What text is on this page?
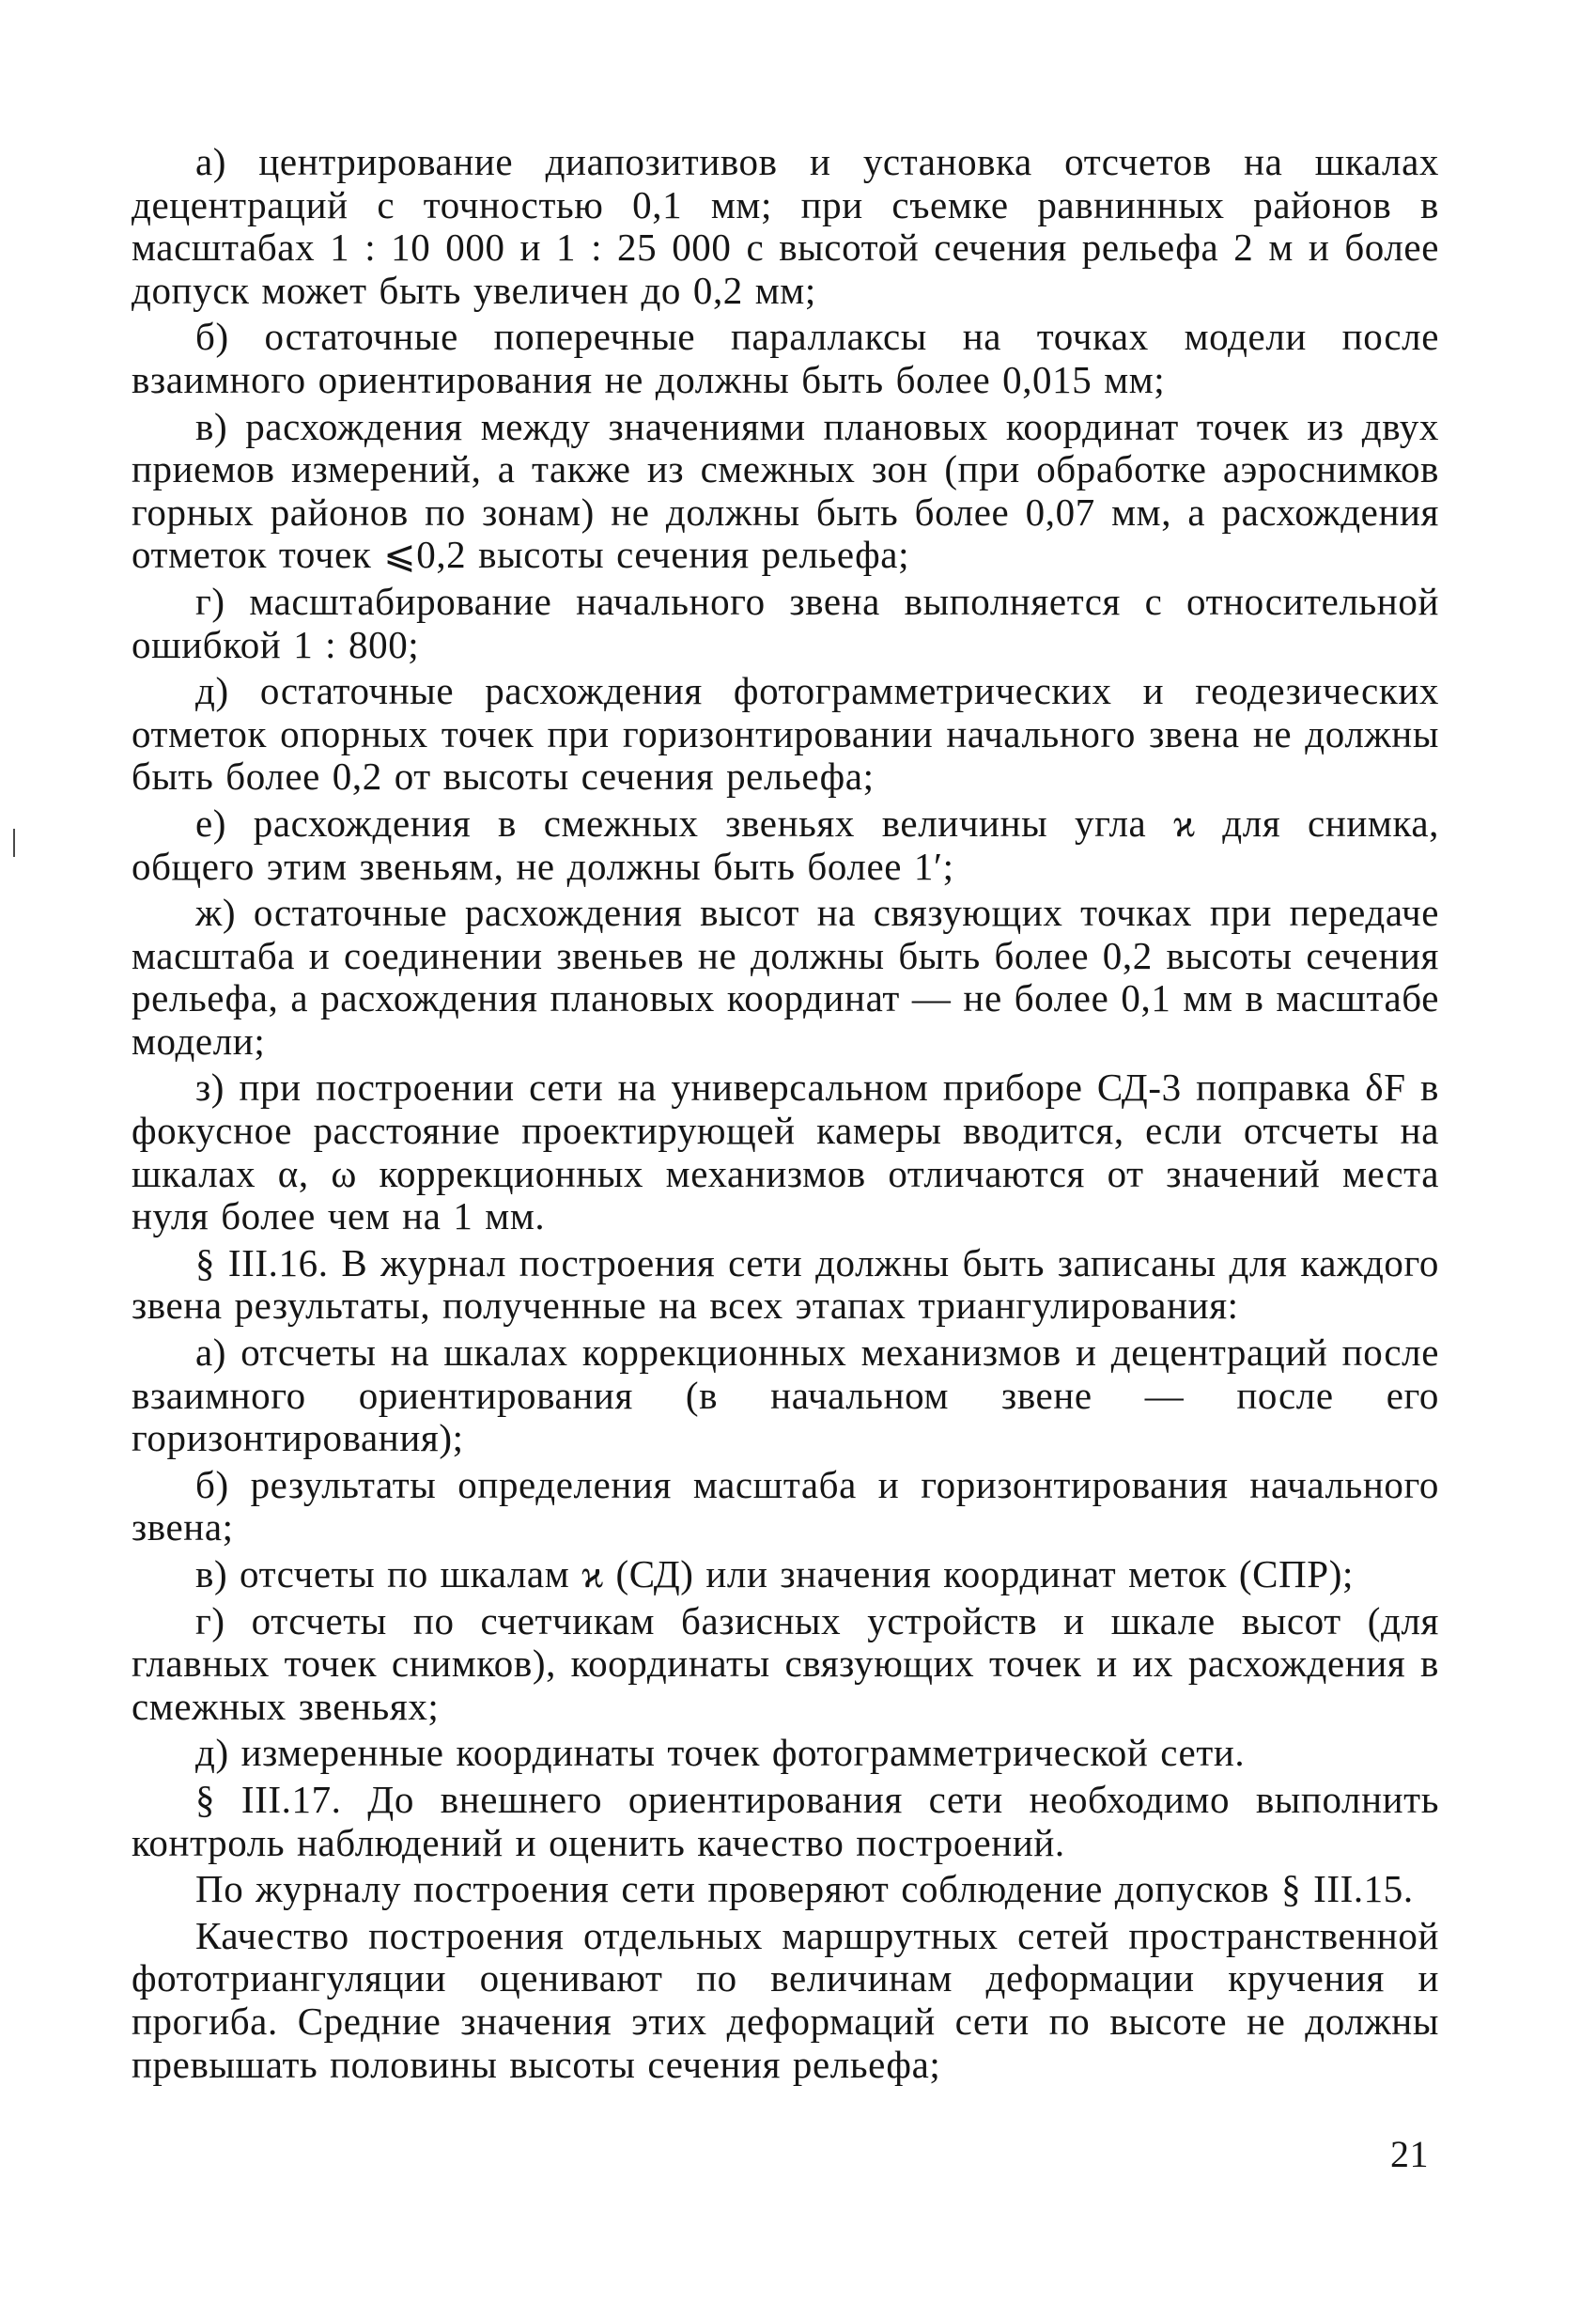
а) центрирование диапозитивов и установка отсчетов на шкалах децентраций с точностью 0,1 мм; при съемке равнинных районов в масштабах 1 : 10 000 и 1 : 25 000 с высотой сечения рельефа 2 м и более допуск может быть увеличен до 0,2 мм;

б) остаточные поперечные параллаксы на точках модели после взаимного ориентирования не должны быть более 0,015 мм;

в) расхождения между значениями плановых координат точек из двух приемов измерений, а также из смежных зон (при обработке аэроснимков горных районов по зонам) не должны быть более 0,07 мм, а расхождения отметок точек ⩽0,2 высоты сечения рельефа;

г) масштабирование начального звена выполняется с относительной ошибкой 1 : 800;

д) остаточные расхождения фотограмметрических и геодезических отметок опорных точек при горизонтировании начального звена не должны быть более 0,2 от высоты сечения рельефа;

е) расхождения в смежных звеньях величины угла ϰ для снимка, общего этим звеньям, не должны быть более 1′;

ж) остаточные расхождения высот на связующих точках при передаче масштаба и соединении звеньев не должны быть более 0,2 высоты сечения рельефа, а расхождения плановых координат — не более 0,1 мм в масштабе модели;

з) при построении сети на универсальном приборе СД-3 поправка δF в фокусное расстояние проектирующей камеры вводится, если отсчеты на шкалах α, ω коррекционных механизмов отличаются от значений места нуля более чем на 1 мм.

§ III.16. В журнал построения сети должны быть записаны для каждого звена результаты, полученные на всех этапах триангулирования:

а) отсчеты на шкалах коррекционных механизмов и децентраций после взаимного ориентирования (в начальном звене — после его горизонтирования);

б) результаты определения масштаба и горизонтирования начального звена;

в) отсчеты по шкалам ϰ (СД) или значения координат меток (СПР);

г) отсчеты по счетчикам базисных устройств и шкале высот (для главных точек снимков), координаты связующих точек и их расхождения в смежных звеньях;

д) измеренные координаты точек фотограмметрической сети.

§ III.17. До внешнего ориентирования сети необходимо выполнить контроль наблюдений и оценить качество построений.

По журналу построения сети проверяют соблюдение допусков § III.15.

Качество построения отдельных маршрутных сетей пространственной фототриангуляции оценивают по величинам деформации кручения и прогиба. Средние значения этих деформаций сети по высоте не должны превышать половины высоты сечения рельефа;

21
